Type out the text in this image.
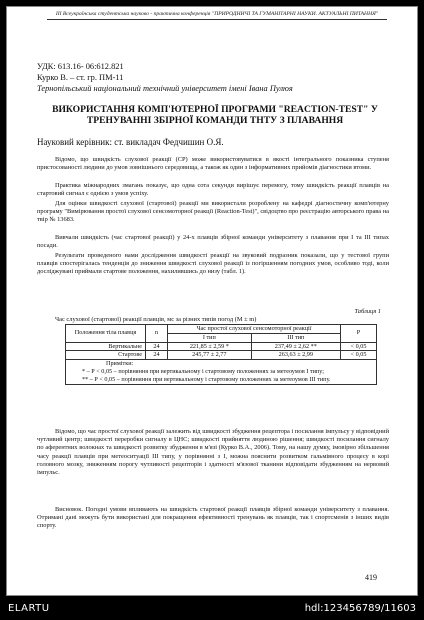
ІІІ Всеукраїнська студентська науково - практична конференція "ПРИРОДНИЧІ ТА ГУМАНІТАРНІ НАУКИ. АКТУАЛЬНІ ПИТАННЯ"
УДК: 613.16- 06:612.821
Курко В. – ст. гр. ПМ-11
Тернопільський національний технічний університет імені Івана Пулюя
ВИКОРИСТАННЯ КОМП'ЮТЕРНОЇ ПРОГРАМИ "REACTION-TEST" У ТРЕНУВАННІ ЗБІРНОЇ КОМАНДИ ТНТУ З ПЛАВАННЯ
Науковий керівник: ст. викладач Федчишин О.Я.
Відомо, що швидкість слухової реакції (СР) може використовуватися в якості інтегрального показника ступеня пристосованості людини до умов зовнішнього середовища, а також як один з інформативних прийомів діагностики втоми.
Практика міжнародних змагань показує, що одна сота секунди вирішує перемогу, тому швидкість реакції плавців на стартовий сигнал є однією з умов успіху.
Для оцінки швидкості слухової (стартової) реакції ми використали розроблену на кафедрі діагностичну комп'ютерну програму "Вимірювання простої слухової сенсомоторної реакції (Reaction-Test)", свідоцтво про реєстрацію авторського права на твір № 13683.
Вивчали швидкість (час стартової реакції) у 24-х плавців збірної команди університету з плавання при І та ІІІ типах посади.
Результати проведеного нами дослідження швидкості реакції на звуковий подразник показали, що у тестової групи плавців спостерігалась тенденція до зниження швидкості слухової реакції із погіршенням погодних умов, особливо тоді, коли досліджувані приймали стартове положення, нахилившись до низу (табл. 1).
Таблиця 1
Час слухової (стартової) реакції плавців, мс за різних типів погод (М ± m)
Положення тіла плавця	n	Час простої слухової сенсомоторної реакції		P
		І тип	ІІІ тип	
Вертикальне	24	221,85 ± 2,59 *	237,49 ± 2,62 **	< 0,05
Стартове	24	245,77 ± 2,77	263,63 ± 2,99	< 0,05

Примітки:
* – Р < 0,05 – порівняння при вертикальному і стартовому положеннях за метеоумов І типу;
** – Р < 0,05 – порівняння при вертикальному і стартовому положеннях за метеоумов ІІІ типу.				
Відомо, що час простої слухової реакції залежить від швидкості збудження рецептора і посилання імпульсу у відповідний чутливий центр; швидкості переробки сигналу в ЦНС; швидкості прийняття людиною рішення; швидкості посилання сигналу по аферентних волокнах та швидкості розвитку збудження в м'язі (Курко В.А., 2006). Тому, на нашу думку, імовірно збільшення часу реакції плавців при метеоситуації ІІІ типу, у порівнянні з І, можна пояснити розвитком гальмівного процесу в корі головного мозку, зниженням порогу чутливості рецепторів і здатності м'язової тканини відповідати збудженням на нервовий імпульс.
Висновок. Погодні умови впливають на швидкість стартової реакції плавців збірної команди університету з плавання. Отримані дані можуть бути використані для покращення ефективності тренувань як плавців, так і спортсменів з інших видів спорту.
419
ELARTU	hdl:123456789/11603
